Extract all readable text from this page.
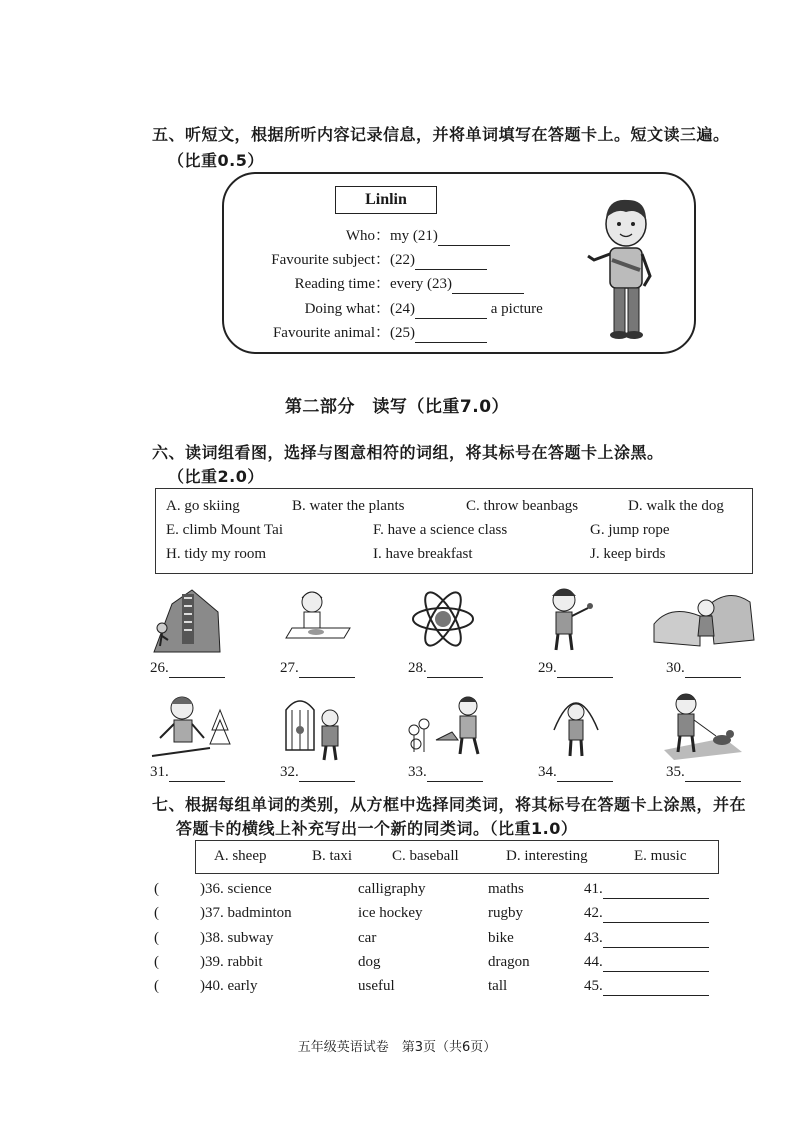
五、听短文，根据所听内容记录信息，并将单词填写在答题卡上。短文读三遍。
（比重0.5）
Linlin
Who：my (21)
Favourite subject：(22)
Reading time：every (23)
Doing what：(24)	a picture
Favourite animal：(25)
第二部分　读写（比重7.0）
六、读词组看图，选择与图意相符的词组，将其标号在答题卡上涂黑。
（比重2.0）
A. go skiing	B. water the plants	C. throw beanbags	D. walk the dog
E. climb Mount Tai	F. have a science class	G. jump rope
H. tidy my room	I. have breakfast	J. keep birds
26.	27.	28.	29.	30.
31.	32.	33.	34.	35.
七、根据每组单词的类别，从方框中选择同类词，将其标号在答题卡上涂黑，并在
答题卡的横线上补充写出一个新的同类词。（比重1.0）
A. sheep	B. taxi	C. baseball	D. interesting	E. music
(	)36. science	calligraphy	maths	41.
(	)37. badminton	ice hockey	rugby	42.
(	)38. subway	car	bike	43.
(	)39. rabbit	dog	dragon	44.
(	)40. early	useful	tall	45.
五年级英语试卷　第3页（共6页）
